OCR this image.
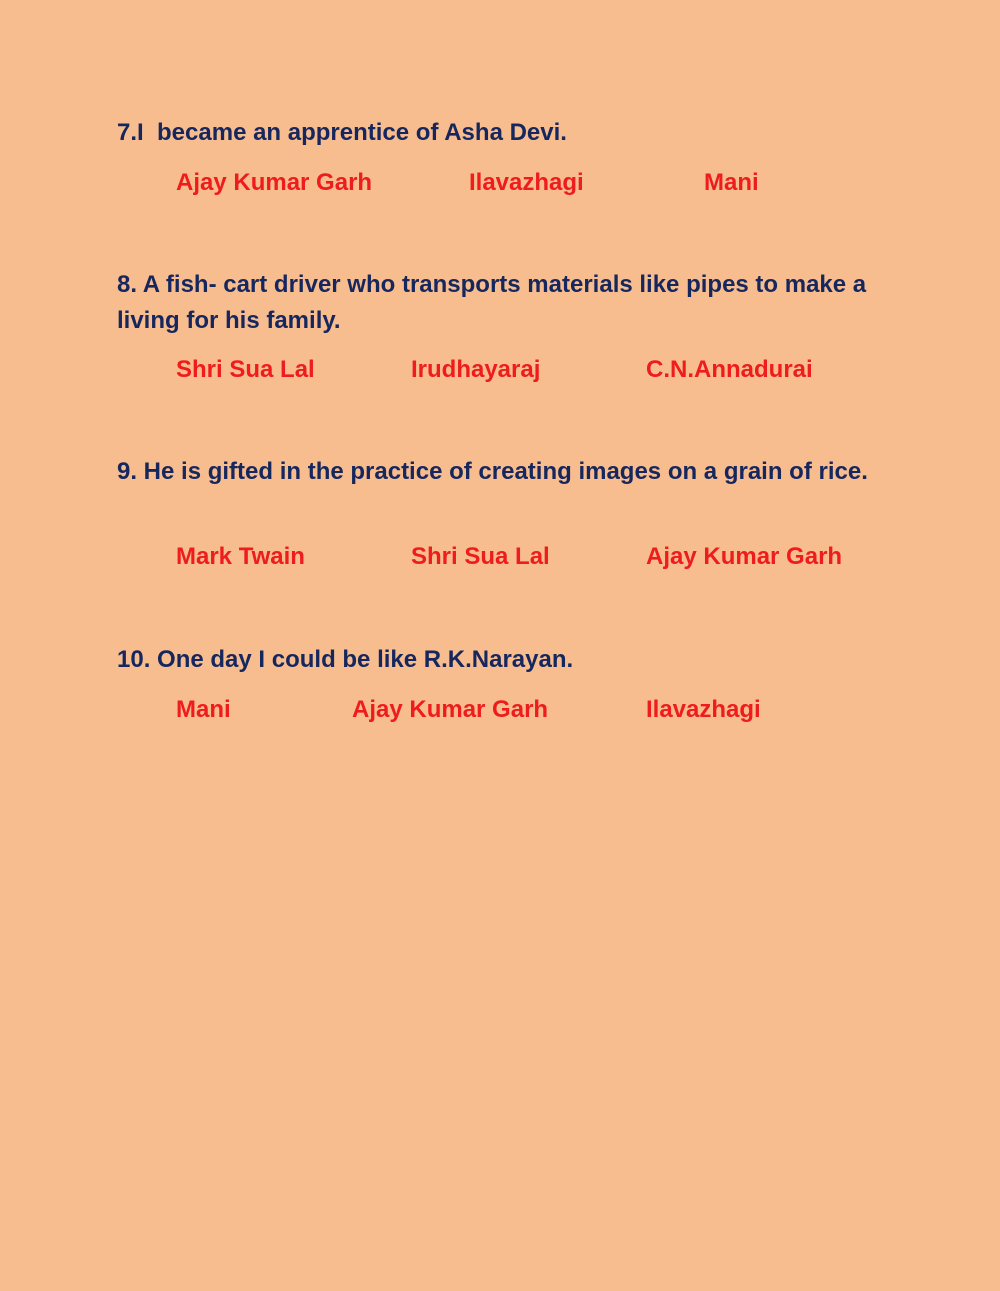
7.I  became an apprentice of Asha Devi.

Ajay Kumar Garh	Ilavazhagi	Mani

8. A fish- cart driver who transports materials like pipes to make a living for his family.

Shri Sua Lal	Irudhayaraj	C.N.Annadurai

9. He is gifted in the practice of creating images on a grain of rice.

Mark Twain	Shri Sua Lal	Ajay Kumar Garh

10. One day I could be like R.K.Narayan.

Mani	Ajay Kumar Garh	Ilavazhagi
